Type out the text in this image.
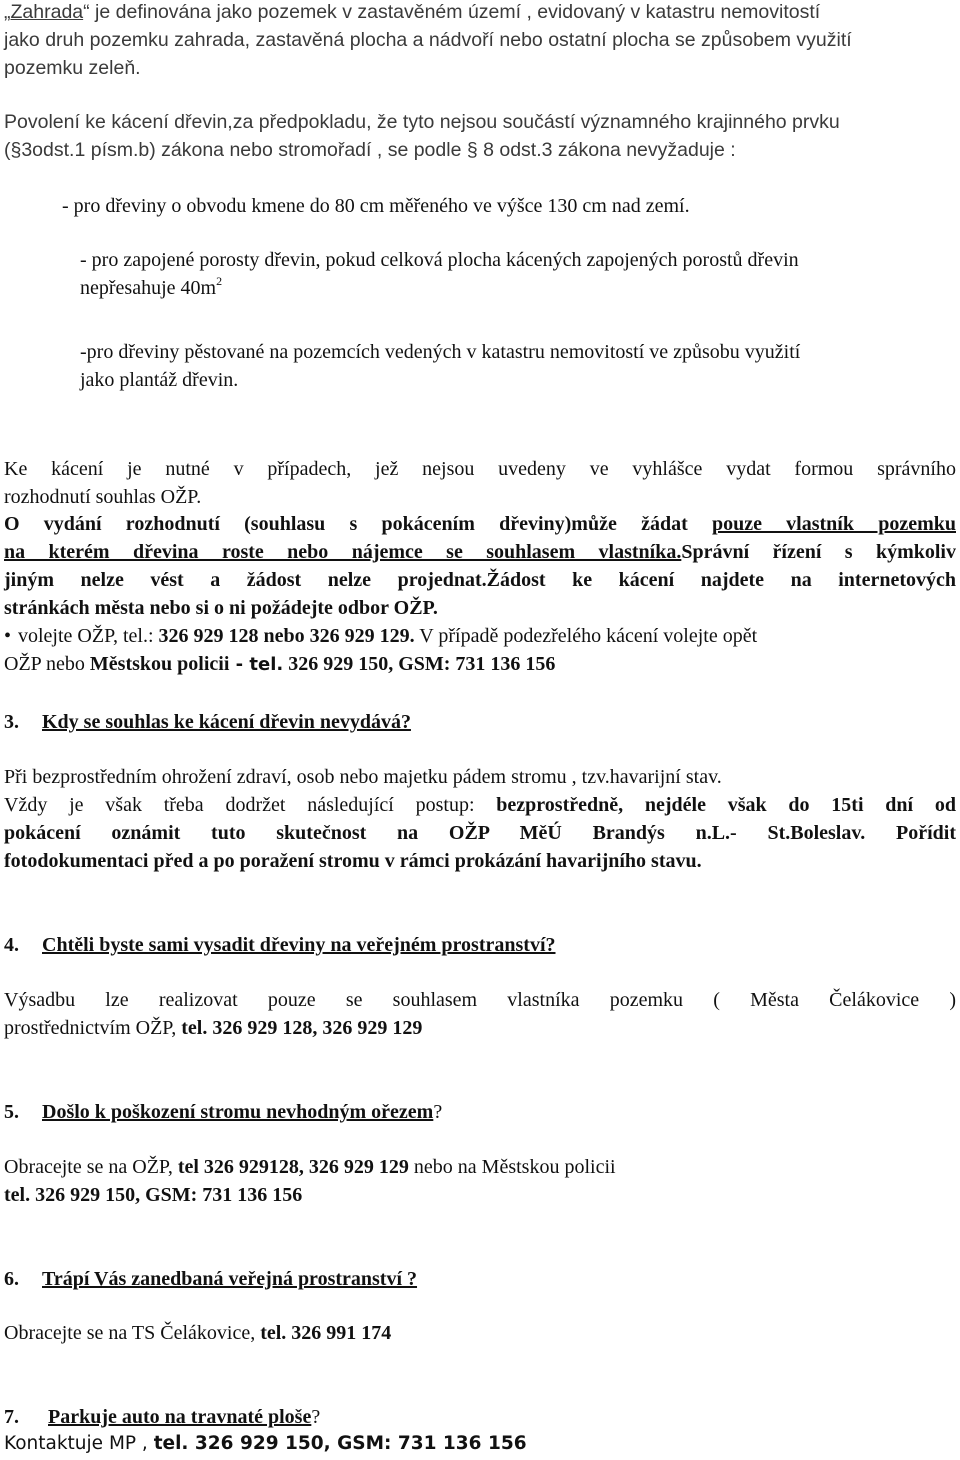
„Zahrada“ je definována jako pozemek v zastavěném území , evidovaný v katastru nemovitostí
jako druh pozemku zahrada, zastavěná plocha a nádvoří nebo ostatní plocha se způsobem využití
pozemku zeleň.
Povolení ke kácení dřevin,za předpokladu, že tyto nejsou součástí významného krajinného prvku
(§3odst.1 písm.b) zákona nebo stromořadí , se podle § 8 odst.3 zákona nevyžaduje :
- pro dřeviny o obvodu kmene do 80 cm měřeného ve výšce 130 cm nad zemí.
- pro zapojené porosty dřevin, pokud celková plocha kácených zapojených porostů dřevin
nepřesahuje $40m^2$
-pro dřeviny pěstované na pozemcích vedených v katastru nemovitostí ve způsobu využití
jako plantáž dřevin.
Ke kácení je nutné v případech, jež nejsou uvedeny ve vyhlášce vydat formou správního
rozhodnutí souhlas OŽP.
O vydání rozhodnutí (souhlasu s pokácením dřeviny)může žádat pouze vlastník pozemku
na kterém dřevina roste nebo nájemce se souhlasem vlastníka.Správní řízení s kýmkoliv
jiným nelze vést a žádost nelze projednat.Žádost ke kácení najdete na internetových
stránkách města nebo si o ni požádejte odbor OŽP.
• volejte OŽP, tel.: 326 929 128 nebo 326 929 129. V případě podezřelého kácení volejte opět
OŽP nebo Městskou policii - tel. 326 929 150, GSM: 731 136 156
3. Kdy se souhlas ke kácení dřevin nevydává?
Při bezprostředním ohrožení zdraví, osob nebo majetku pádem stromu , tzv.havarijní stav.
Vždy je však třeba dodržet následující postup: bezprostředně, nejdéle však do 15ti dní od
pokácení oznámit tuto skutečnost na OŽP MěÚ Brandýs n.L.- St.Boleslav. Pořídit
fotodokumentaci před a po poražení stromu v rámci prokázání havarijního stavu.
4. Chtěli byste sami vysadit dřeviny na veřejném prostranství?
Výsadbu lze realizovat pouze se souhlasem vlastníka pozemku ( Města Čelákovice )
prostřednictvím OŽP, tel. 326 929 128, 326 929 129
5. Došlo k poškození stromu nevhodným ořezem?
Obracejte se na OŽP, tel 326 929128, 326 929 129 nebo na Městskou policii
tel. 326 929 150, GSM: 731 136 156
6. Trápí Vás zanedbaná veřejná prostranství ?
Obracejte se na TS Čelákovice, tel. 326 991 174
7. Parkuje auto na travnaté ploše?
Kontaktuje MP , tel. 326 929 150, GSM: 731 136 156
